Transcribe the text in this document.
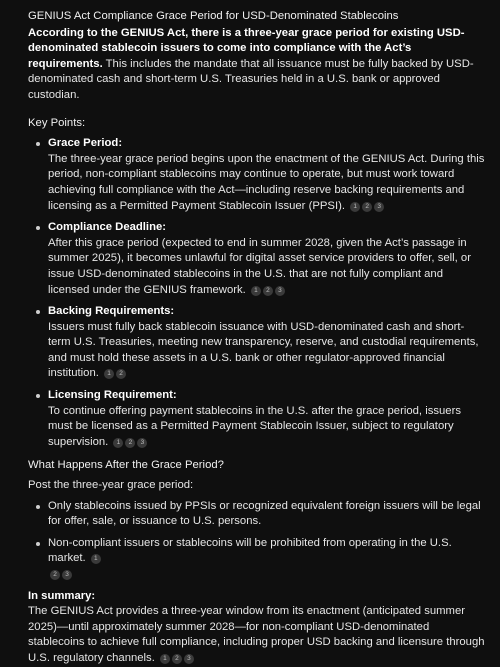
GENIUS Act Compliance Grace Period for USD-Denominated Stablecoins

According to the GENIUS Act, there is a three-year grace period for existing USD-denominated stablecoin issuers to come into compliance with the Act’s requirements. This includes the mandate that all issuance must be fully backed by USD-denominated cash and short-term U.S. Treasuries held in a U.S. bank or approved custodian.

Key Points:
Grace Period:
The three-year grace period begins upon the enactment of the GENIUS Act. During this period, non-compliant stablecoins may continue to operate, but must work toward achieving full compliance with the Act—including reserve backing requirements and licensing as a Permitted Payment Stablecoin Issuer (PPSI). 1 2 3
Compliance Deadline:
After this grace period (expected to end in summer 2028, given the Act’s passage in summer 2025), it becomes unlawful for digital asset service providers to offer, sell, or issue USD-denominated stablecoins in the U.S. that are not fully compliant and licensed under the GENIUS framework. 1 2 3
Backing Requirements:
Issuers must fully back stablecoin issuance with USD-denominated cash and short-term U.S. Treasuries, meeting new transparency, reserve, and custodial requirements, and must hold these assets in a U.S. bank or other regulator-approved financial institution. 1 2
Licensing Requirement:
To continue offering payment stablecoins in the U.S. after the grace period, issuers must be licensed as a Permitted Payment Stablecoin Issuer, subject to regulatory supervision. 1 2 3
What Happens After the Grace Period?
Post the three-year grace period:
Only stablecoins issued by PPSIs or recognized equivalent foreign issuers will be legal for offer, sale, or issuance to U.S. persons.
Non-compliant issuers or stablecoins will be prohibited from operating in the U.S. market. 1
2 3
In summary:

The GENIUS Act provides a three-year window from its enactment (anticipated summer 2025)—until approximately summer 2028—for non-compliant USD-denominated stablecoins to achieve full compliance, including proper USD backing and licensure through U.S. regulatory channels. 1 2 3
